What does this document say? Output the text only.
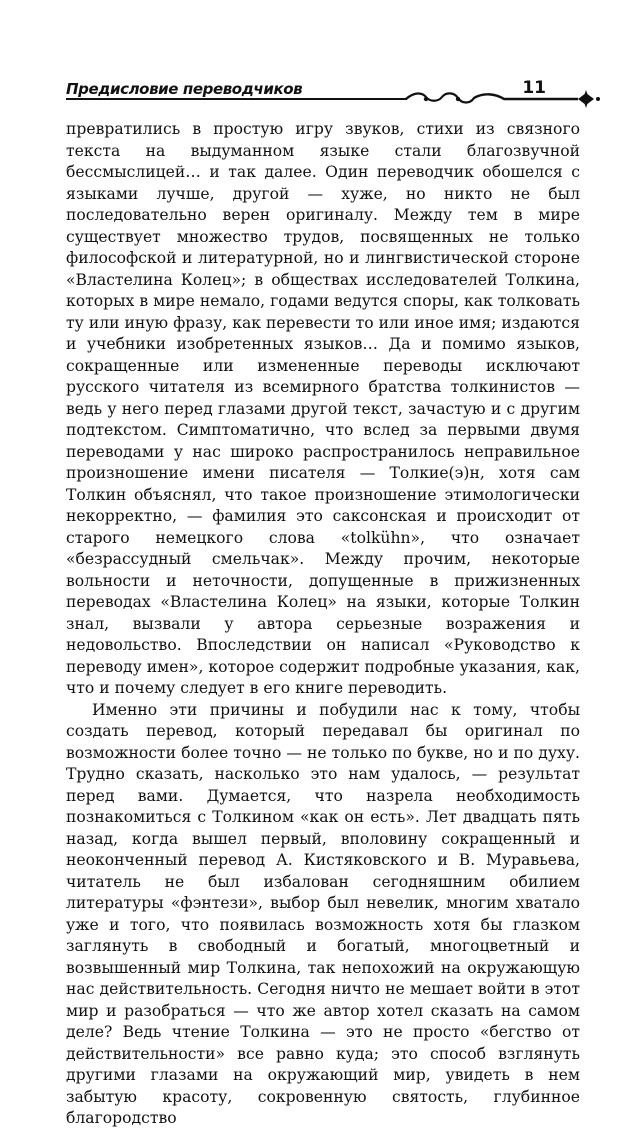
Предисловие переводчиков	11

превратились в простую игру звуков, стихи из связного текста на выдуманном языке стали благозвучной бессмыслицей… и так далее. Один переводчик обошелся с языками лучше, другой — хуже, но никто не был последовательно верен оригиналу. Между тем в мире существует множество трудов, посвященных не только философской и литературной, но и лингвистической стороне «Властелина Колец»; в обществах исследователей Толкина, которых в мире немало, годами ведутся споры, как толковать ту или иную фразу, как перевести то или иное имя; издаются и учебники изобретенных языков… Да и помимо языков, сокращенные или измененные переводы исключают русского читателя из всемирного братства толкинистов — ведь у него перед глазами другой текст, зачастую и с другим подтекстом. Симптоматично, что вслед за первыми двумя переводами у нас широко распространилось неправильное произношение имени писателя — Толкие(э)н, хотя сам Толкин объяснял, что такое произношение этимологически некорректно, — фамилия это саксонская и происходит от старого немецкого слова «tolkühn», что означает «безрассудный смельчак». Между прочим, некоторые вольности и неточности, допущенные в прижизненных переводах «Властелина Колец» на языки, которые Толкин знал, вызвали у автора серьезные возражения и недовольство. Впоследствии он написал «Руководство к переводу имен», которое содержит подробные указания, как, что и почему следует в его книге переводить.

Именно эти причины и побудили нас к тому, чтобы создать перевод, который передавал бы оригинал по возможности более точно — не только по букве, но и по духу. Трудно сказать, насколько это нам удалось, — результат перед вами. Думается, что назрела необходимость познакомиться с Толкином «как он есть». Лет двадцать пять назад, когда вышел первый, вполовину сокращенный и неоконченный перевод А. Кистяковского и В. Муравьева, читатель не был избалован сегодняшним обилием литературы «фэнтези», выбор был невелик, многим хватало уже и того, что появилась возможность хотя бы глазком заглянуть в свободный и богатый, многоцветный и возвышенный мир Толкина, так непохожий на окружающую нас действительность. Сегодня ничто не мешает войти в этот мир и разобраться — что же автор хотел сказать на самом деле? Ведь чтение Толкина — это не просто «бегство от действительности» все равно куда; это способ взглянуть другими глазами на окружающий мир, увидеть в нем забытую красоту, сокровенную святость, глубинное благородство
